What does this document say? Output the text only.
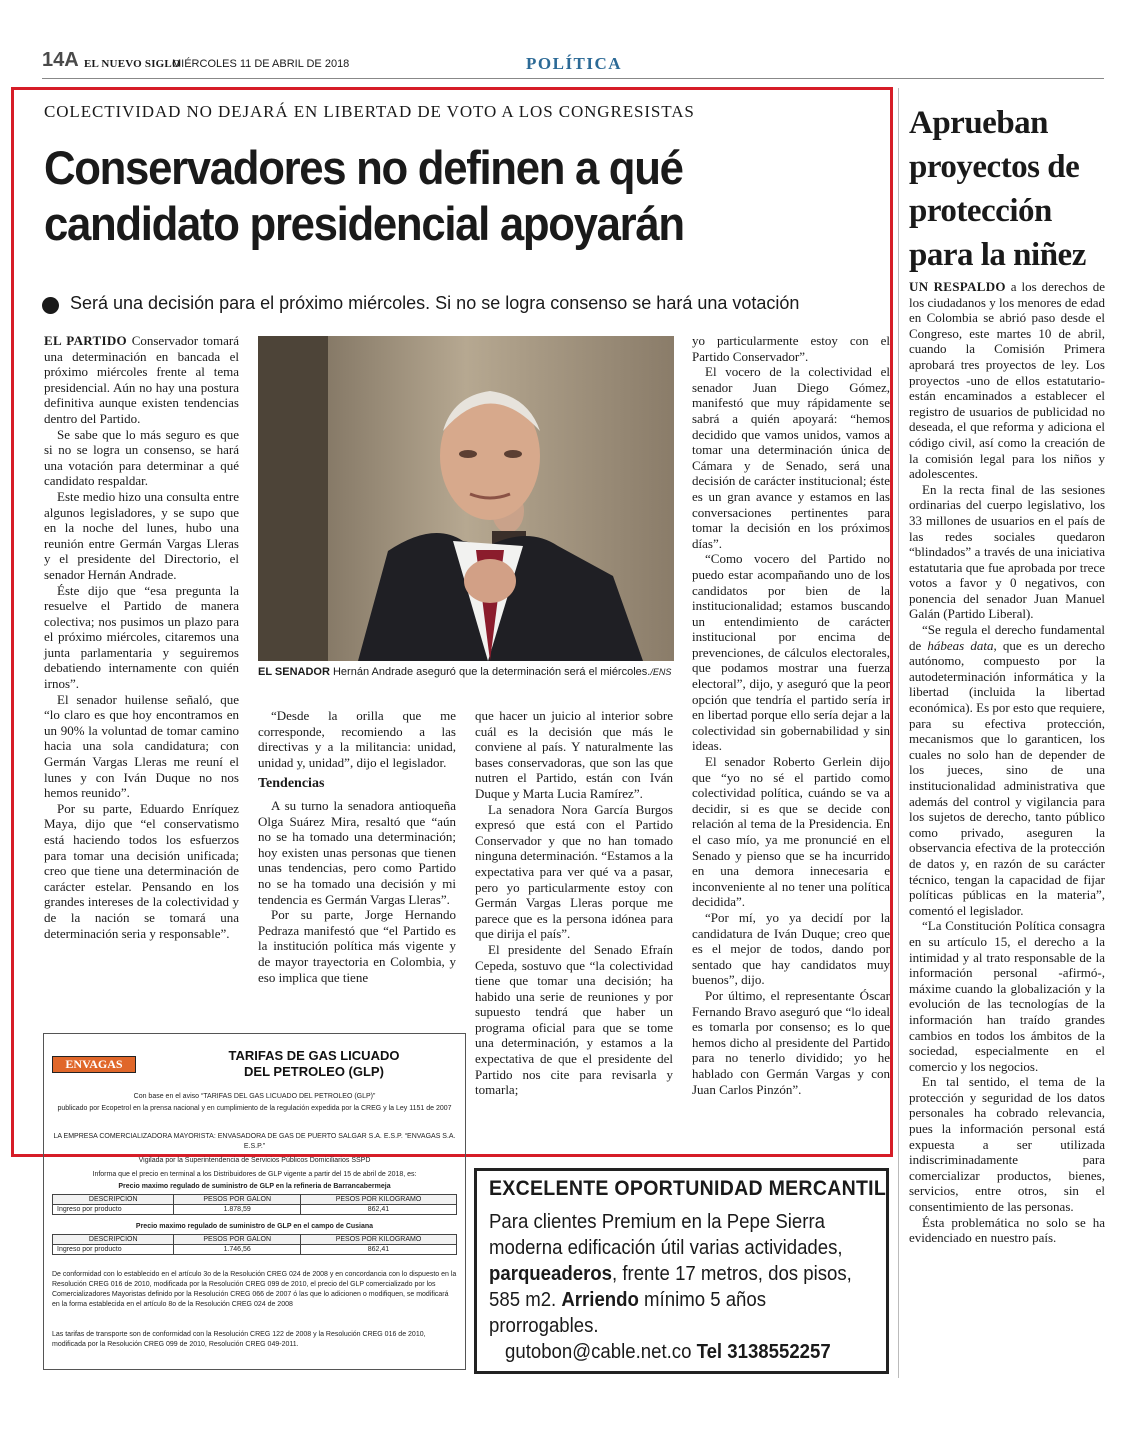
14A EL NUEVO SIGLO
MIÉRCOLES 11 DE ABRIL DE 2018	POLÍTICA
COLECTIVIDAD NO DEJARÁ EN LIBERTAD DE VOTO A LOS CONGRESISTAS
Conservadores no definen a qué
candidato presidencial apoyarán
Será una decisión para el próximo miércoles. Si no se logra consenso se hará una votación

EL PARTIDO Conservador tomará una determinación en bancada el próximo miércoles frente al tema presidencial. Aún no hay una postura definitiva aunque existen tendencias dentro del Partido.

Se sabe que lo más seguro es que si no se logra un consenso, se hará una votación para determinar a qué candidato respaldar.

Este medio hizo una consulta entre algunos legisladores, y se supo que en la noche del lunes, hubo una reunión entre Germán Vargas Lleras y el presidente del Directorio, el senador Hernán Andrade.

Éste dijo que “esa pregunta la resuelve el Partido de manera colectiva; nos pusimos un plazo para el próximo miércoles, citaremos una junta parlamentaria y seguiremos debatiendo internamente con quién irnos”.

El senador huilense señaló, que “lo claro es que hoy encontramos en un 90% la voluntad de tomar camino hacia una sola candidatura; con Germán Vargas Lleras me reuní el lunes y con Iván Duque no nos hemos reunido”.

Por su parte, Eduardo Enríquez Maya, dijo que “el conservatismo está haciendo todos los esfuerzos para tomar una decisión unificada; creo que tiene una determinación de carácter estelar. Pensando en los grandes intereses de la colectividad y de la nación se tomará una determinación seria y responsable”.

EL SENADOR Hernán Andrade aseguró que la determinación será el miércoles./ENS

“Desde la orilla que me corresponde, recomiendo a las directivas y a la militancia: unidad, unidad y, unidad”, dijo el legislador.

Tendencias

A su turno la senadora antioqueña Olga Suárez Mira, resaltó que “aún no se ha tomado una determinación; hoy existen unas personas que tienen unas tendencias, pero como Partido no se ha tomado una decisión y mi tendencia es Germán Vargas Lleras”.

Por su parte, Jorge Hernando Pedraza manifestó que “el Partido es la institución política más vigente y de mayor trayectoria en Colombia, y eso implica que tiene

que hacer un juicio al interior sobre cuál es la decisión que más le conviene al país. Y naturalmente las bases conservadoras, que son las que nutren el Partido, están con Iván Duque y Marta Lucia Ramírez”.

La senadora Nora García Burgos expresó que está con el Partido Conservador y que no han tomado ninguna determinación. “Estamos a la expectativa para ver qué va a pasar, pero yo particularmente estoy con Germán Vargas Lleras porque me parece que es la persona idónea para que dirija el país”.

El presidente del Senado Efraín Cepeda, sostuvo que “la colectividad tiene que tomar una decisión; ha habido una serie de reuniones y por supuesto tendrá que haber un programa oficial para que se tome una determinación, y estamos a la expectativa de que el presidente del Partido nos cite para revisarla y tomarla;

yo particularmente estoy con el Partido Conservador”.

El vocero de la colectividad el senador Juan Diego Gómez, manifestó que muy rápidamente se sabrá a quién apoyará: “hemos decidido que vamos unidos, vamos a tomar una determinación única de Cámara y de Senado, será una decisión de carácter institucional; éste es un gran avance y estamos en las conversaciones pertinentes para tomar la decisión en los próximos días”.

“Como vocero del Partido no puedo estar acompañando uno de los candidatos por bien de la institucionalidad; estamos buscando un entendimiento de carácter institucional por encima de prevenciones, de cálculos electorales, que podamos mostrar una fuerza electoral”, dijo, y aseguró que la peor opción que tendría el partido sería ir en libertad porque ello sería dejar a la colectividad sin gobernabilidad y sin ideas.

El senador Roberto Gerlein dijo que “yo no sé el partido como colectividad política, cuándo se va a decidir, si es que se decide con relación al tema de la Presidencia. En el caso mío, ya me pronuncié en el Senado y pienso que se ha incurrido en una demora innecesaria e inconveniente al no tener una política decidida”.

“Por mí, yo ya decidí por la candidatura de Iván Duque; creo que es el mejor de todos, dando por sentado que hay candidatos muy buenos”, dijo.

Por último, el representante Óscar Fernando Bravo aseguró que “lo ideal es tomarla por consenso; es lo que hemos dicho al presidente del Partido para no tenerlo dividido; yo he hablado con Germán Vargas y con Juan Carlos Pinzón”.

Aprueban proyectos de protección para la niñez

UN RESPALDO a los derechos de los ciudadanos y los menores de edad en Colombia se abrió paso desde el Congreso, este martes 10 de abril, cuando la Comisión Primera aprobará tres proyectos de ley. Los proyectos -uno de ellos estatutario- están encaminados a establecer el registro de usuarios de publicidad no deseada, el que reforma y adiciona el código civil, así como la creación de la comisión legal para los niños y adolescentes.

En la recta final de las sesiones ordinarias del cuerpo legislativo, los 33 millones de usuarios en el país de las redes sociales quedaron “blindados” a través de una iniciativa estatutaria que fue aprobada por trece votos a favor y 0 negativos, con ponencia del senador Juan Manuel Galán (Partido Liberal).

“Se regula el derecho fundamental de hábeas data, que es un derecho autónomo, compuesto por la autodeterminación informática y la libertad (incluida la libertad económica). Es por esto que requiere, para su efectiva protección, mecanismos que lo garanticen, los cuales no solo han de depender de los jueces, sino de una institucionalidad administrativa que además del control y vigilancia para los sujetos de derecho, tanto público como privado, aseguren la observancia efectiva de la protección de datos y, en razón de su carácter técnico, tengan la capacidad de fijar políticas públicas en la materia”, comentó el legislador.

“La Constitución Política consagra en su artículo 15, el derecho a la intimidad y al trato responsable de la información personal -afirmó-, máxime cuando la globalización y la evolución de las tecnologías de la información han traído grandes cambios en todos los ámbitos de la sociedad, especialmente en el comercio y los negocios.

En tal sentido, el tema de la protección y seguridad de los datos personales ha cobrado relevancia, pues la información personal está expuesta a ser utilizada indiscriminadamente para comercializar productos, bienes, servicios, entre otros, sin el consentimiento de las personas.

Ésta problemática no solo se ha evidenciado en nuestro país.

ENVAGAS
TARIFAS DE GAS LICUADO
DEL PETROLEO (GLP)
Con base en el aviso “TARIFAS DEL GAS LICUADO DEL PETROLEO (GLP)”
publicado por Ecopetrol en la prensa nacional y en cumplimiento de la regulación expedida por la CREG y la Ley 1151 de 2007
LA EMPRESA COMERCIALIZADORA MAYORISTA: ENVASADORA DE GAS DE PUERTO SALGAR S.A. E.S.P. “ENVAGAS S.A. E.S.P.”
Vigilada por la Superintendencia de Servicios Públicos Domiciliarios SSPD
Informa que el precio en terminal a los Distribuidores de GLP vigente a partir del 15 de abril de 2018, es:
Precio maximo regulado de suministro de GLP en la refineria de Barrancabermeja
DESCRIPCION	PESOS POR GALON	PESOS POR KILOGRAMO
Ingreso por producto	1.878,59	862,41
Precio maximo regulado de suministro de GLP en el campo de Cusiana
DESCRIPCION	PESOS POR GALON	PESOS POR KILOGRAMO
Ingreso por producto	1.746,56	862,41
De conformidad con lo establecido en el artículo 3o de la Resolución CREG 024 de 2008 y en concordancia con lo dispuesto en la Resolución CREG 016 de 2010, modificada por la Resolución CREG 099 de 2010, el precio del GLP comercializado por los Comercializadores Mayoristas definido por la Resolución CREG 066 de 2007 ó las que lo adicionen o modifiquen, se modificará en la forma establecida en el artículo 8o de la Resolución CREG 024 de 2008
Las tarifas de transporte son de conformidad con la Resolución CREG 122 de 2008 y la Resolución CREG 016 de 2010, modificada por la Resolución CREG 099 de 2010, Resolución CREG 049-2011.
EXCELENTE OPORTUNIDAD MERCANTIL
Para clientes Premium en la Pepe Sierra moderna edificación útil varias actividades, parqueaderos, frente 17 metros, dos pisos, 585 m2. Arriendo mínimo 5 años prorrogables.
gutobon@cable.net.co Tel 3138552257
